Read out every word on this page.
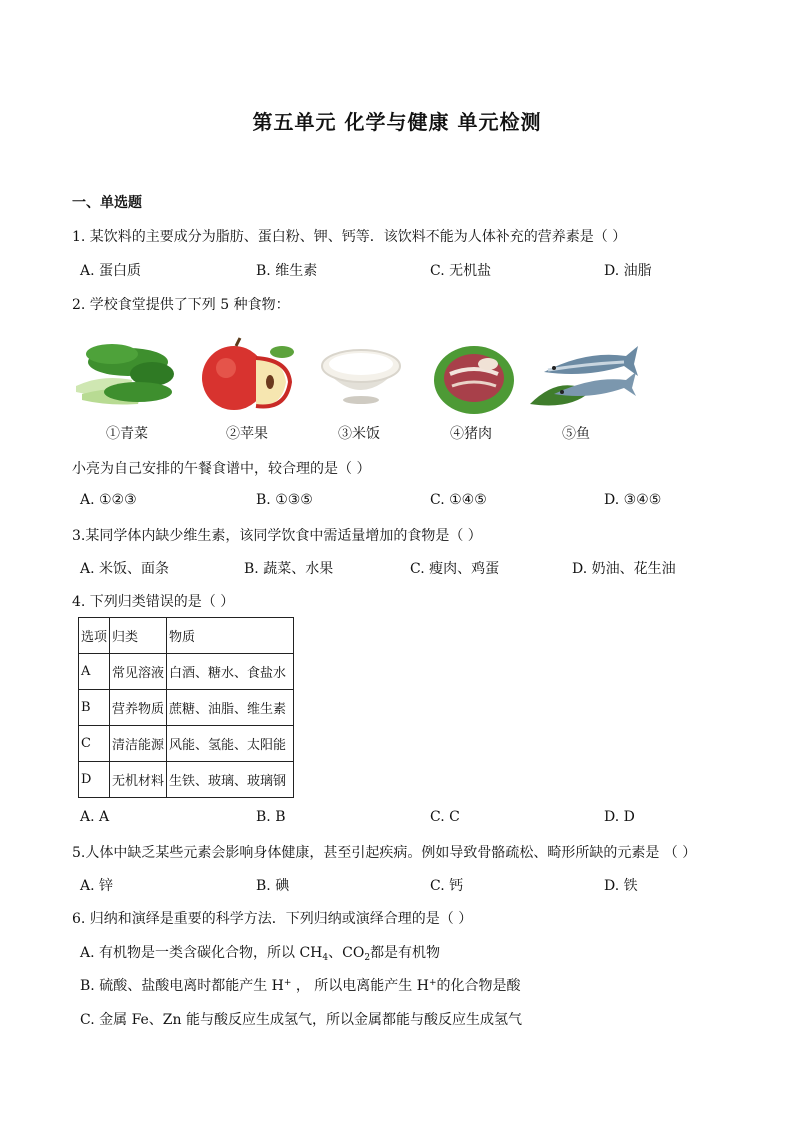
第五单元 化学与健康 单元检测
一、单选题
1. 某饮料的主要成分为脂肪、蛋白粉、钾、钙等．该饮料不能为人体补充的营养素是（ ）
A. 蛋白质	B. 维生素	C. 无机盐	D. 油脂
2. 学校食堂提供了下列 5 种食物：
①青菜	②苹果	③米饭	④猪肉	⑤鱼
小亮为自己安排的午餐食谱中，较合理的是（ ）
A. ①②③	B. ①③⑤	C. ①④⑤	D. ③④⑤
3.某同学体内缺少维生素，该同学饮食中需适量增加的食物是（ ）
A. 米饭、面条	B. 蔬菜、水果	C. 瘦肉、鸡蛋	D. 奶油、花生油
4. 下列归类错误的是（ ）
选项	归类	物质
A	常见溶液	白酒、糖水、食盐水
B	营养物质	蔗糖、油脂、维生素
C	清洁能源	风能、氢能、太阳能
D	无机材料	生铁、玻璃、玻璃钢
A. A	B. B	C. C	D. D
5.人体中缺乏某些元素会影响身体健康，甚至引起疾病。例如导致骨骼疏松、畸形所缺的元素是 （ ）
A. 锌	B. 碘	C. 钙	D. 铁
6. 归纳和演绎是重要的科学方法．下列归纳或演绎合理的是（ ）
A. 有机物是一类含碳化合物，所以 $CH_4$、$CO_2$都是有机物
B. 硫酸、盐酸电离时都能产生 H+ ， 所以电离能产生 H+的化合物是酸
C. 金属 Fe、Zn 能与酸反应生成氢气，所以金属都能与酸反应生成氢气
